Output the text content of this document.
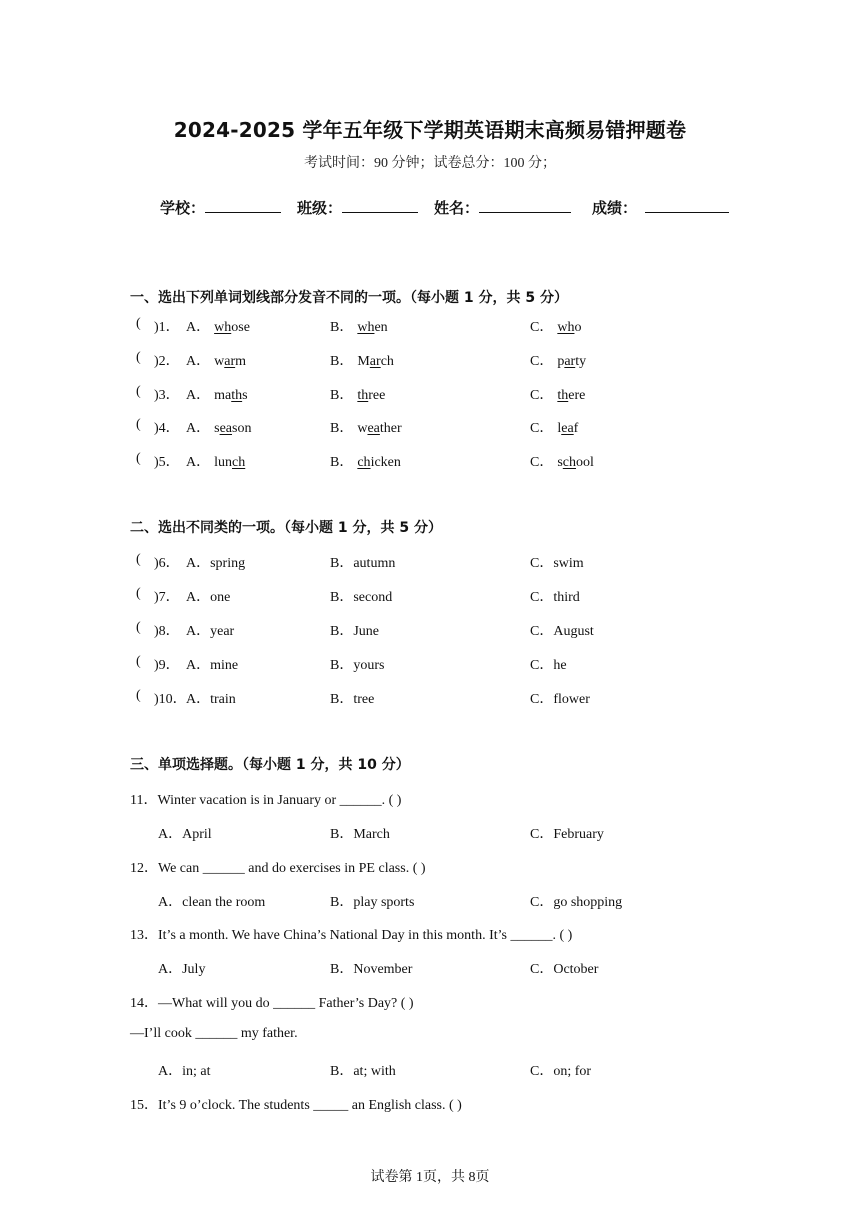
2024-2025 学年五年级下学期英语期末高频易错押题卷
考试时间：90 分钟；试卷总分：100 分；
学校：	班级：	姓名：	成绩：
一、选出下列单词划线部分发音不同的一项。（每小题 1 分，共 5 分）
( )1． A． whose	B． when	C． who
( )2． A． warm	B． March	C． party
( )3． A． maths	B． three	C． there
( )4． A． season	B． weather	C． leaf
( )5． A． lunch	B． chicken	C． school
二、选出不同类的一项。（每小题 1 分，共 5 分）
( )6． A．spring	B．autumn	C．swim
( )7． A．one	B．second	C．third
( )8． A．year	B．June	C．August
( )9． A．mine	B．yours	C．he
( )10． A．train	B．tree	C．flower
三、单项选择题。（每小题 1 分，共 10 分）
11．Winter vacation is in January or ______. ( )
A．April	B．March	C．February
12．We can ______ and do exercises in PE class. ( )
A．clean the room	B．play sports	C．go shopping
13．It’s a month. We have China’s National Day in this month. It’s ______. ( )
A．July	B．November	C．October
14．—What will you do ______ Father’s Day? ( )
—I’ll cook ______ my father.
A．in; at	B．at; with	C．on; for
15．It’s 9 o’clock. The students _____ an English class. ( )
试卷第 1页，共 8页
